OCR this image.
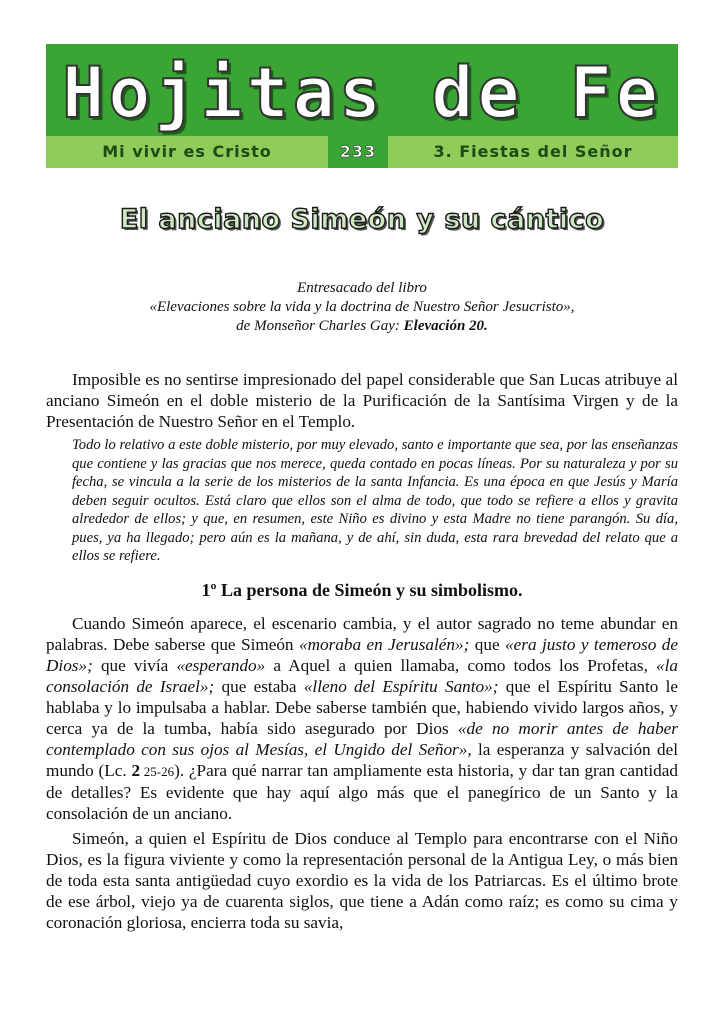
Hojitas de Fe
Mi vivir es Cristo	233	3. Fiestas del Señor
El anciano Simeón y su cántico
Entresacado del libro
«Elevaciones sobre la vida y la doctrina de Nuestro Señor Jesucristo»,
de Monseñor Charles Gay: Elevación 20.

Imposible es no sentirse impresionado del papel considerable que San Lucas atribuye al anciano Simeón en el doble misterio de la Purificación de la Santísima Virgen y de la Presentación de Nuestro Señor en el Templo.

Todo lo relativo a este doble misterio, por muy elevado, santo e importante que sea, por las enseñanzas que contiene y las gracias que nos merece, queda contado en pocas líneas. Por su naturaleza y por su fecha, se vincula a la serie de los misterios de la santa Infancia. Es una época en que Jesús y María deben seguir ocultos. Está claro que ellos son el alma de todo, que todo se refiere a ellos y gravita alrededor de ellos; y que, en resumen, este Niño es divino y esta Madre no tiene parangón. Su día, pues, ya ha llegado; pero aún es la mañana, y de ahí, sin duda, esta rara brevedad del relato que a ellos se refiere.

1º La persona de Simeón y su simbolismo.

Cuando Simeón aparece, el escenario cambia, y el autor sagrado no teme abundar en palabras. Debe saberse que Simeón «moraba en Jerusalén»; que «era justo y temeroso de Dios»; que vivía «esperando» a Aquel a quien llamaba, como todos los Profetas, «la consolación de Israel»; que estaba «lleno del Espíritu Santo»; que el Espíritu Santo le hablaba y lo impulsaba a hablar. Debe saberse también que, habiendo vivido largos años, y cerca ya de la tumba, había sido asegurado por Dios «de no morir antes de haber contemplado con sus ojos al Mesías, el Ungido del Señor», la esperanza y salvación del mundo (Lc. 2 25-26). ¿Para qué narrar tan ampliamente esta historia, y dar tan gran cantidad de detalles? Es evidente que hay aquí algo más que el panegírico de un Santo y la consolación de un anciano.

Simeón, a quien el Espíritu de Dios conduce al Templo para encontrarse con el Niño Dios, es la figura viviente y como la representación personal de la Antigua Ley, o más bien de toda esta santa antigüedad cuyo exordio es la vida de los Patriarcas. Es el último brote de ese árbol, viejo ya de cuarenta siglos, que tiene a Adán como raíz; es como su cima y coronación gloriosa, encierra toda su savia,
